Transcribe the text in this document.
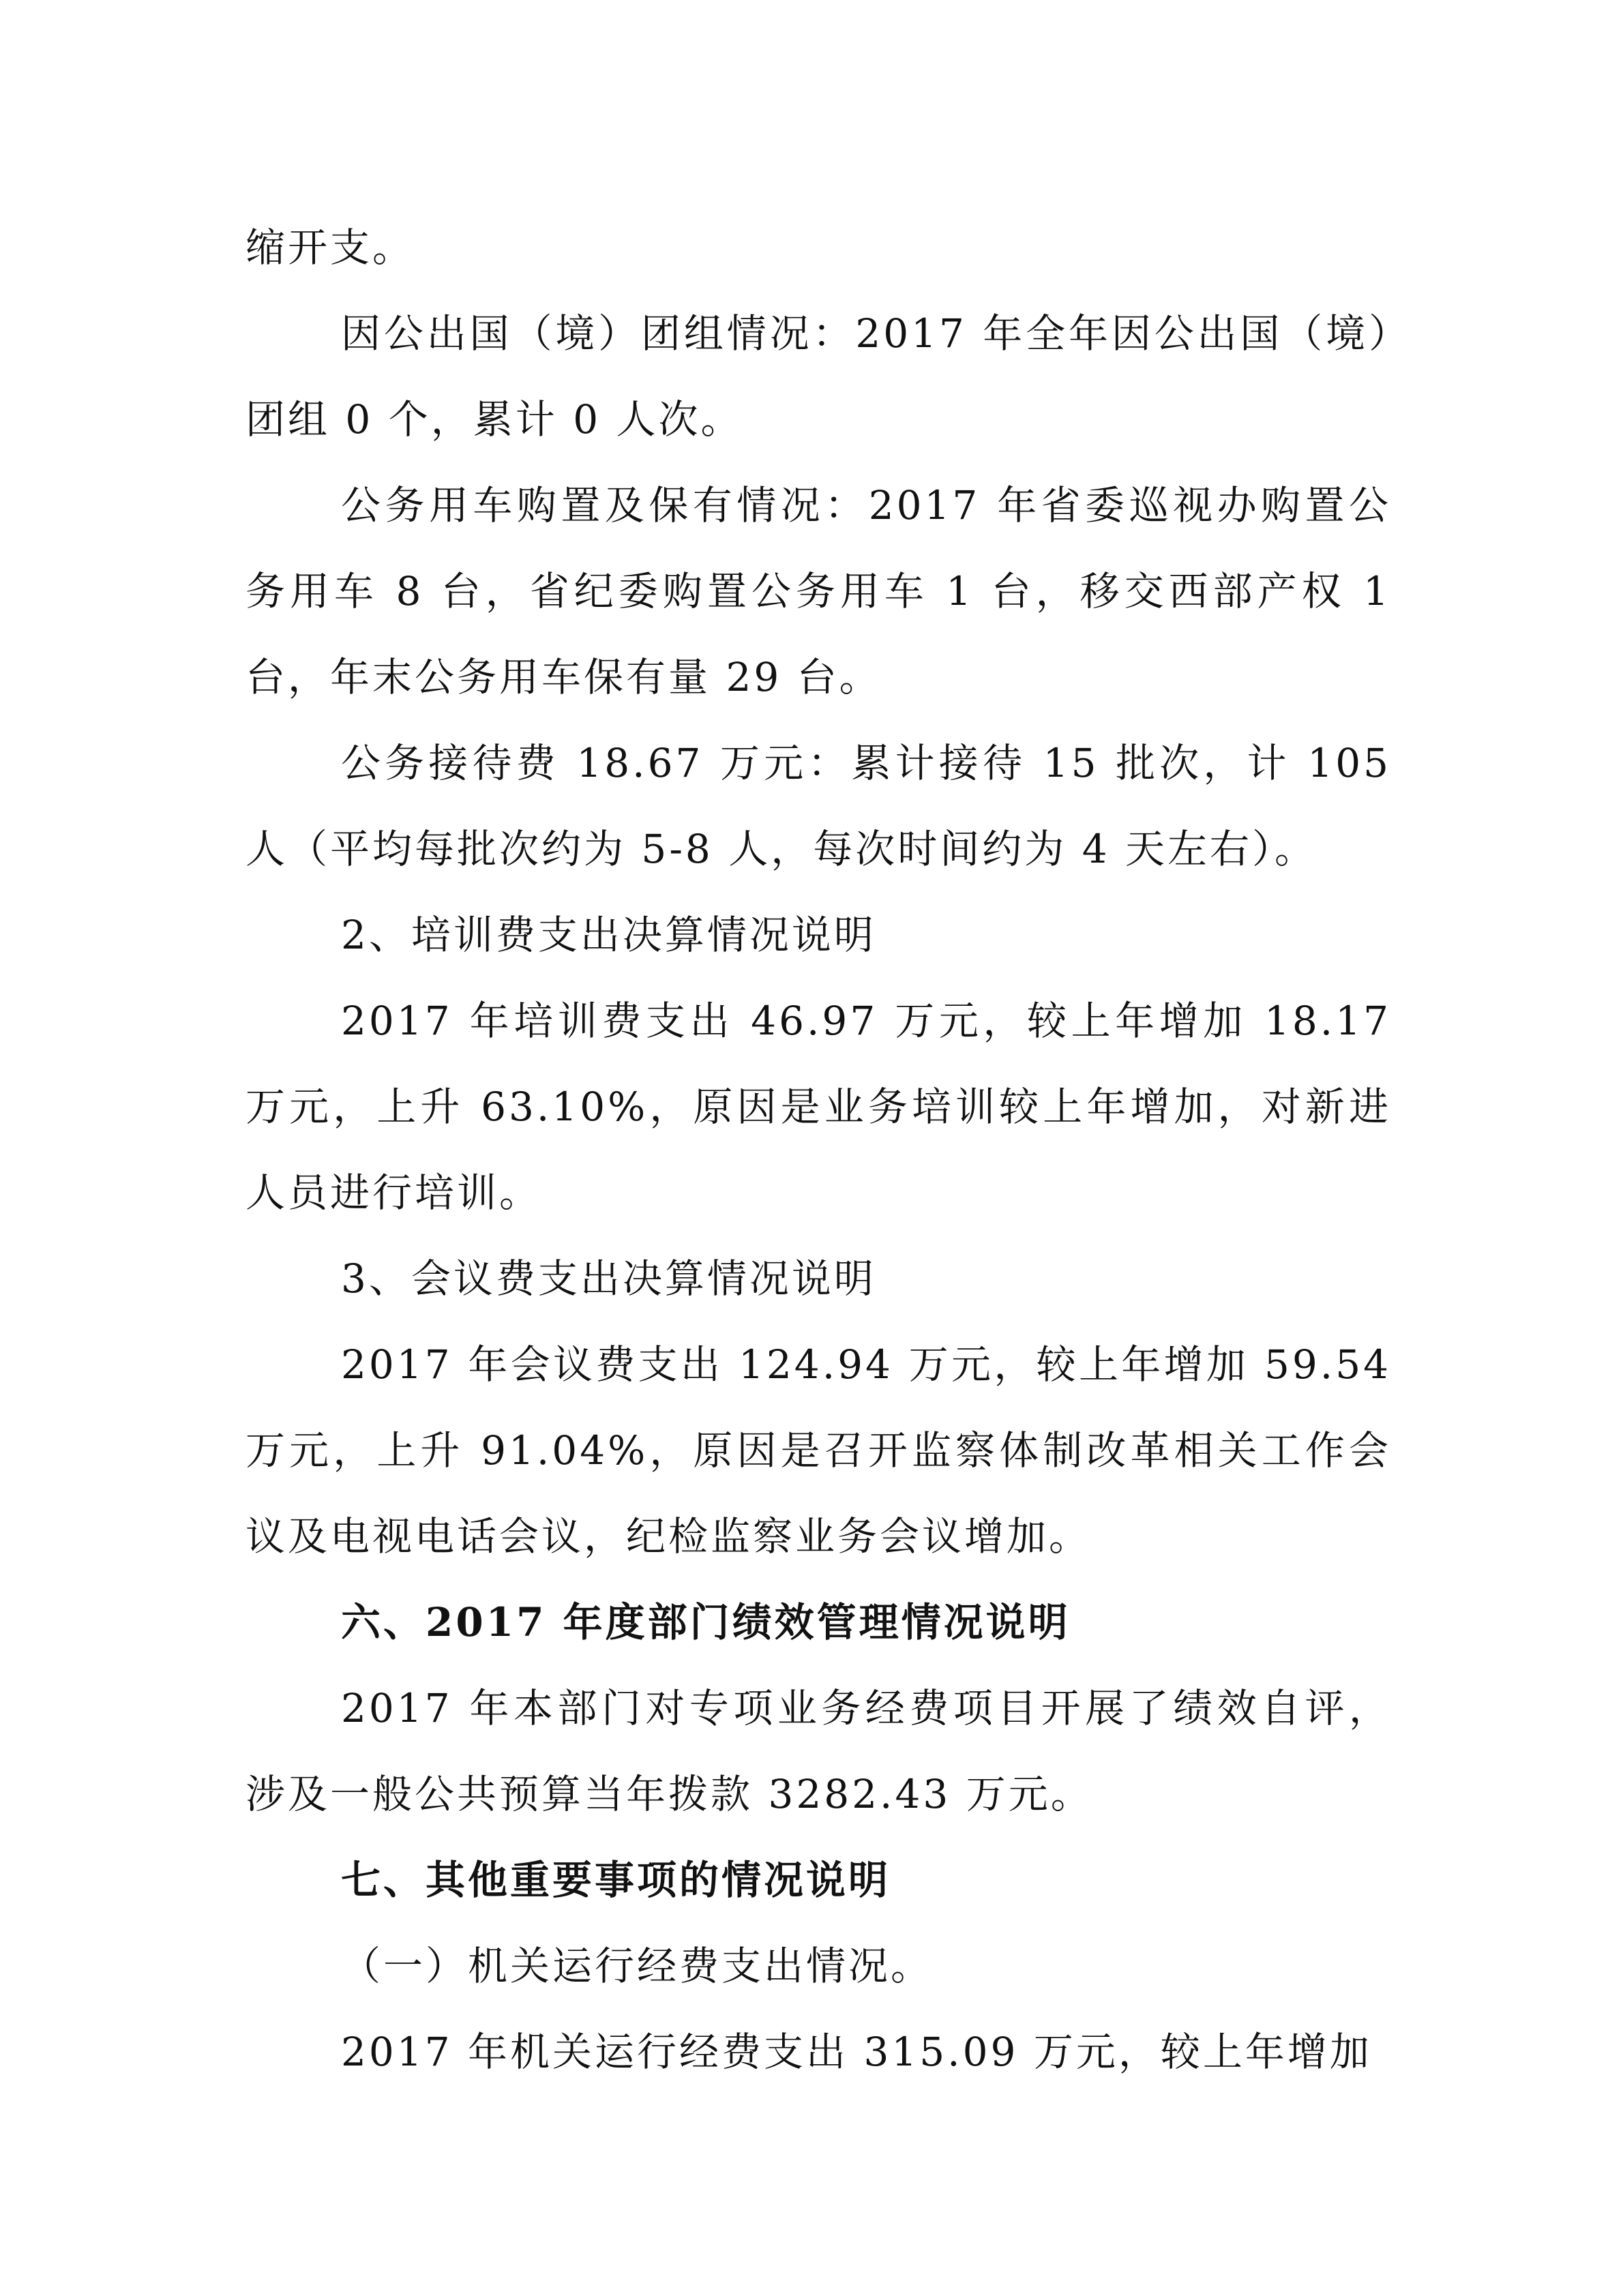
缩开支。

因公出国（境）团组情况：2017 年全年因公出国（境）团组 0 个，累计 0 人次。

公务用车购置及保有情况：2017 年省委巡视办购置公务用车 8 台，省纪委购置公务用车 1 台，移交西部产权 1 台，年末公务用车保有量 29 台。

公务接待费 18.67 万元：累计接待 15 批次，计 105 人（平均每批次约为 5-8 人，每次时间约为 4 天左右）。

2、培训费支出决算情况说明

2017 年培训费支出 46.97 万元，较上年增加 18.17 万元，上升 63.10%，原因是业务培训较上年增加，对新进人员进行培训。

3、会议费支出决算情况说明

2017 年会议费支出 124.94 万元，较上年增加 59.54 万元，上升 91.04%，原因是召开监察体制改革相关工作会议及电视电话会议，纪检监察业务会议增加。

六、2017 年度部门绩效管理情况说明

2017 年本部门对专项业务经费项目开展了绩效自评，涉及一般公共预算当年拨款 3282.43 万元。

七、其他重要事项的情况说明

（一）机关运行经费支出情况。

2017 年机关运行经费支出 315.09 万元，较上年增加
